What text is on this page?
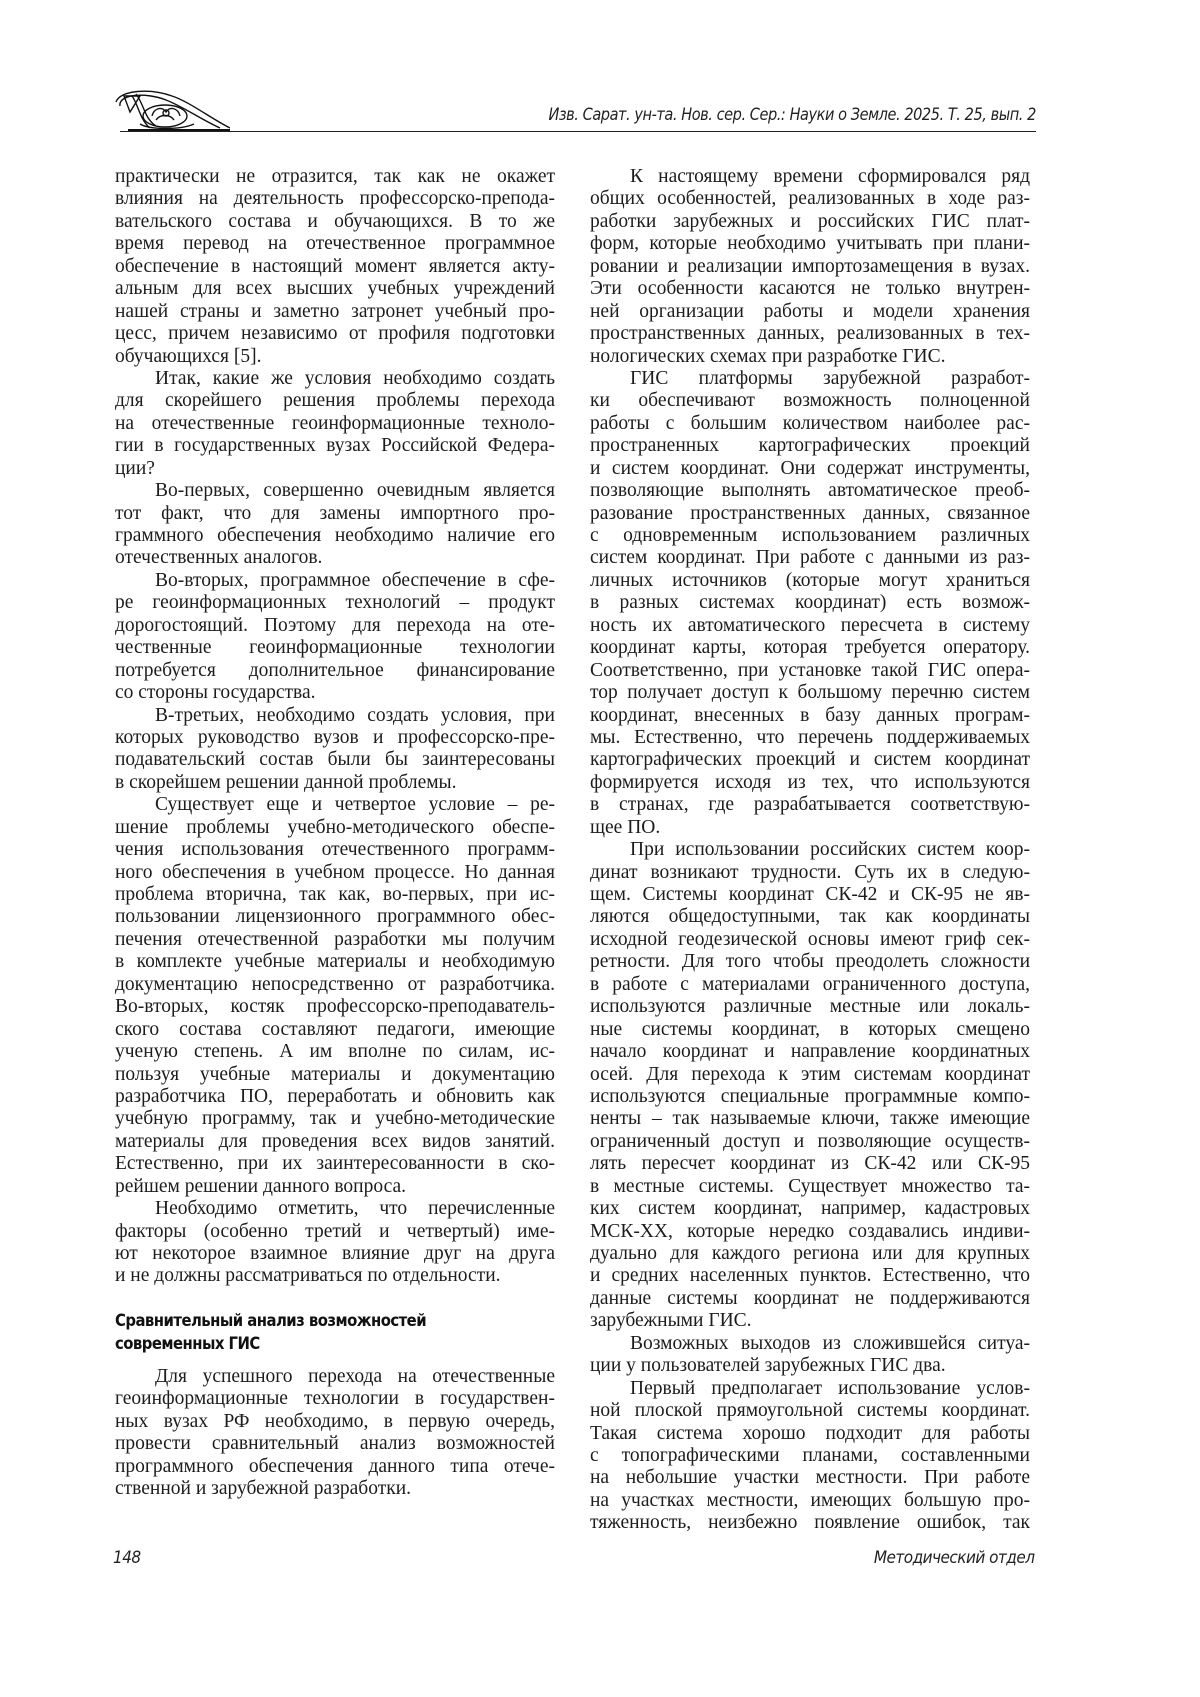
Изв. Сарат. ун-та. Нов. сер. Сер.: Науки о Земле. 2025. Т. 25, вып. 2
практически не отразится, так как не окажет
влияния на деятельность профессорско-препода-
вательского состава и обучающихся. В то же
время перевод на отечественное программное
обеспечение в настоящий момент является акту-
альным для всех высших учебных учреждений
нашей страны и заметно затронет учебный про-
цесс, причем независимо от профиля подготовки
обучающихся [5].
Итак, какие же условия необходимо создать
для скорейшего решения проблемы перехода
на отечественные геоинформационные техноло-
гии в государственных вузах Российской Федера-
ции?
Во-первых, совершенно очевидным является
тот факт, что для замены импортного про-
граммного обеспечения необходимо наличие его
отечественных аналогов.
Во-вторых, программное обеспечение в сфе-
ре геоинформационных технологий – продукт
дорогостоящий. Поэтому для перехода на оте-
чественные геоинформационные технологии
потребуется дополнительное финансирование
со стороны государства.
В-третьих, необходимо создать условия, при
которых руководство вузов и профессорско-пре-
подавательский состав были бы заинтересованы
в скорейшем решении данной проблемы.
Существует еще и четвертое условие – ре-
шение проблемы учебно-методического обеспе-
чения использования отечественного программ-
ного обеспечения в учебном процессе. Но данная
проблема вторична, так как, во-первых, при ис-
пользовании лицензионного программного обес-
печения отечественной разработки мы получим
в комплекте учебные материалы и необходимую
документацию непосредственно от разработчика.
Во-вторых, костяк профессорско-преподаватель-
ского состава составляют педагоги, имеющие
ученую степень. А им вполне по силам, ис-
пользуя учебные материалы и документацию
разработчика ПО, переработать и обновить как
учебную программу, так и учебно-методические
материалы для проведения всех видов занятий.
Естественно, при их заинтересованности в ско-
рейшем решении данного вопроса.
Необходимо отметить, что перечисленные
факторы (особенно третий и четвертый) име-
ют некоторое взаимное влияние друг на друга
и не должны рассматриваться по отдельности.
Сравнительный анализ возможностей
современных ГИС
Для успешного перехода на отечественные
геоинформационные технологии в государствен-
ных вузах РФ необходимо, в первую очередь,
провести сравнительный анализ возможностей
программного обеспечения данного типа отече-
ственной и зарубежной разработки.
К настоящему времени сформировался ряд
общих особенностей, реализованных в ходе раз-
работки зарубежных и российских ГИС плат-
форм, которые необходимо учитывать при плани-
ровании и реализации импортозамещения в вузах.
Эти особенности касаются не только внутрен-
ней организации работы и модели хранения
пространственных данных, реализованных в тех-
нологических схемах при разработке ГИС.
ГИС платформы зарубежной разработ-
ки обеспечивают возможность полноценной
работы с большим количеством наиболее рас-
пространенных картографических проекций
и систем координат. Они содержат инструменты,
позволяющие выполнять автоматическое преоб-
разование пространственных данных, связанное
с одновременным использованием различных
систем координат. При работе с данными из раз-
личных источников (которые могут храниться
в разных системах координат) есть возмож-
ность их автоматического пересчета в систему
координат карты, которая требуется оператору.
Соответственно, при установке такой ГИС опера-
тор получает доступ к большому перечню систем
координат, внесенных в базу данных програм-
мы. Естественно, что перечень поддерживаемых
картографических проекций и систем координат
формируется исходя из тех, что используются
в странах, где разрабатывается соответствую-
щее ПО.
При использовании российских систем коор-
динат возникают трудности. Суть их в следую-
щем. Системы координат СК-42 и СК-95 не яв-
ляются общедоступными, так как координаты
исходной геодезической основы имеют гриф сек-
ретности. Для того чтобы преодолеть сложности
в работе с материалами ограниченного доступа,
используются различные местные или локаль-
ные системы координат, в которых смещено
начало координат и направление координатных
осей. Для перехода к этим системам координат
используются специальные программные компо-
ненты – так называемые ключи, также имеющие
ограниченный доступ и позволяющие осуществ-
лять пересчет координат из СК-42 или СК-95
в местные системы. Существует множество та-
ких систем координат, например, кадастровых
МСК-ХХ, которые нередко создавались индиви-
дуально для каждого региона или для крупных
и средних населенных пунктов. Естественно, что
данные системы координат не поддерживаются
зарубежными ГИС.
Возможных выходов из сложившейся ситуа-
ции у пользователей зарубежных ГИС два.
Первый предполагает использование услов-
ной плоской прямоугольной системы координат.
Такая система хорошо подходит для работы
с топографическими планами, составленными
на небольшие участки местности. При работе
на участках местности, имеющих большую про-
тяженность, неизбежно появление ошибок, так
148	Методический отдел
